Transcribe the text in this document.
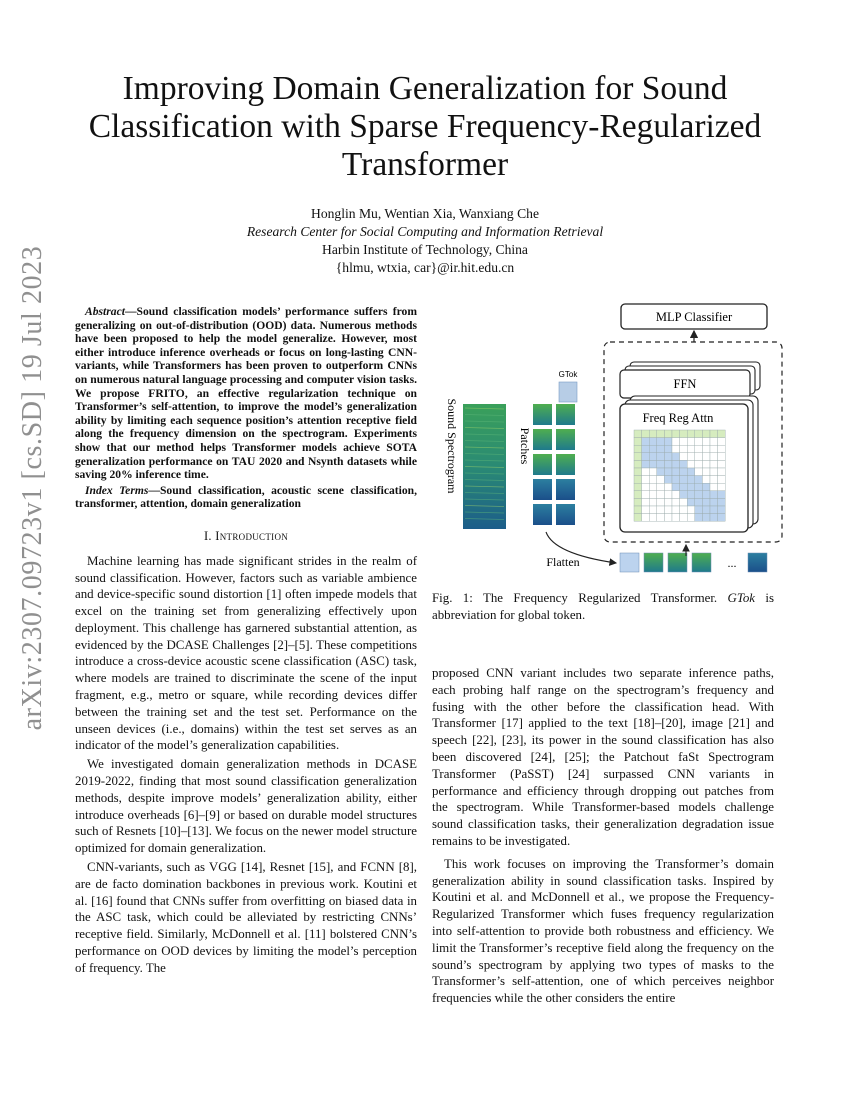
Improving Domain Generalization for Sound Classification with Sparse Frequency-Regularized Transformer
Honglin Mu, Wentian Xia, Wanxiang Che
Research Center for Social Computing and Information Retrieval
Harbin Institute of Technology, China
{hlmu, wtxia, car}@ir.hit.edu.cn
arXiv:2307.09723v1 [cs.SD] 19 Jul 2023	Abstract—Sound classification models’ performance suffers from generalizing on out-of-distribution (OOD) data. Numerous methods have been proposed to help the model generalize. However, most either introduce inference overheads or focus on long-lasting CNN-variants, while Transformers has been proven to outperform CNNs on numerous natural language processing and computer vision tasks. We propose FRITO, an effective regularization technique on Transformer’s self-attention, to improve the model’s generalization ability by limiting each sequence position’s attention receptive field along the frequency dimension on the spectrogram. Experiments show that our method helps Transformer models achieve SOTA generalization performance on TAU 2020 and Nsynth datasets while saving 20% inference time.

Index Terms—Sound classification, acoustic scene classification, transformer, attention, domain generalization

I. Introduction

Machine learning has made significant strides in the realm of sound classification. However, factors such as variable ambience and device-specific sound distortion [1] often impede models that excel on the training set from generalizing effectively upon deployment. This challenge has garnered substantial attention, as evidenced by the DCASE Challenges [2]–[5]. These competitions introduce a cross-device acoustic scene classification (ASC) task, where models are trained to discriminate the scene of the input fragment, e.g., metro or square, while recording devices differ between the training set and the test set. Performance on the unseen devices (i.e., domains) within the test set serves as an indicator of the model’s generalization capabilities.

We investigated domain generalization methods in DCASE 2019-2022, finding that most sound classification generalization methods, despite improve models’ generalization ability, either introduce overheads [6]–[9] or based on durable model structures such of Resnets [10]–[13]. We focus on the newer model structure optimized for domain generalization.

CNN-variants, such as VGG [14], Resnet [15], and FCNN [8], are de facto domination backbones in previous work. Koutini et al. [16] found that CNNs suffer from overfitting on biased data in the ASC task, which could be alleviated by restricting CNNs’ receptive field. Similarly, McDonnell et al. [11] bolstered CNN’s performance on OOD devices by limiting the model’s perception of frequency. The

proposed CNN variant includes two separate inference paths, each probing half range on the spectrogram’s frequency and fusing with the other before the classification head. With Transformer [17] applied to the text [18]–[20], image [21] and speech [22], [23], its power in the sound classification has also been discovered [24], [25]; the Patchout faSt Spectrogram Transformer (PaSST) [24] surpassed CNN variants in performance and efficiency through dropping out patches from the spectrogram. While Transformer-based models challenge sound classification tasks, their generalization degradation issue remains to be investigated.

This work focuses on improving the Transformer’s domain generalization ability in sound classification tasks. Inspired by Koutini et al. and McDonnell et al., we propose the Frequency-Regularized Transformer which fuses frequency regularization into self-attention to provide both robustness and efficiency. We limit the Transformer’s receptive field along the frequency on the sound’s spectrogram by applying two types of masks to the Transformer’s self-attention, one of which perceives neighbor frequencies while the other considers the entire

MLP Classifier
FFN
Freq Reg Attn
GTok
Patches
Sound Spectrogram
Flatten	...
Fig. 1: The Frequency Regularized Transformer. GTok is abbreviation for global token.
